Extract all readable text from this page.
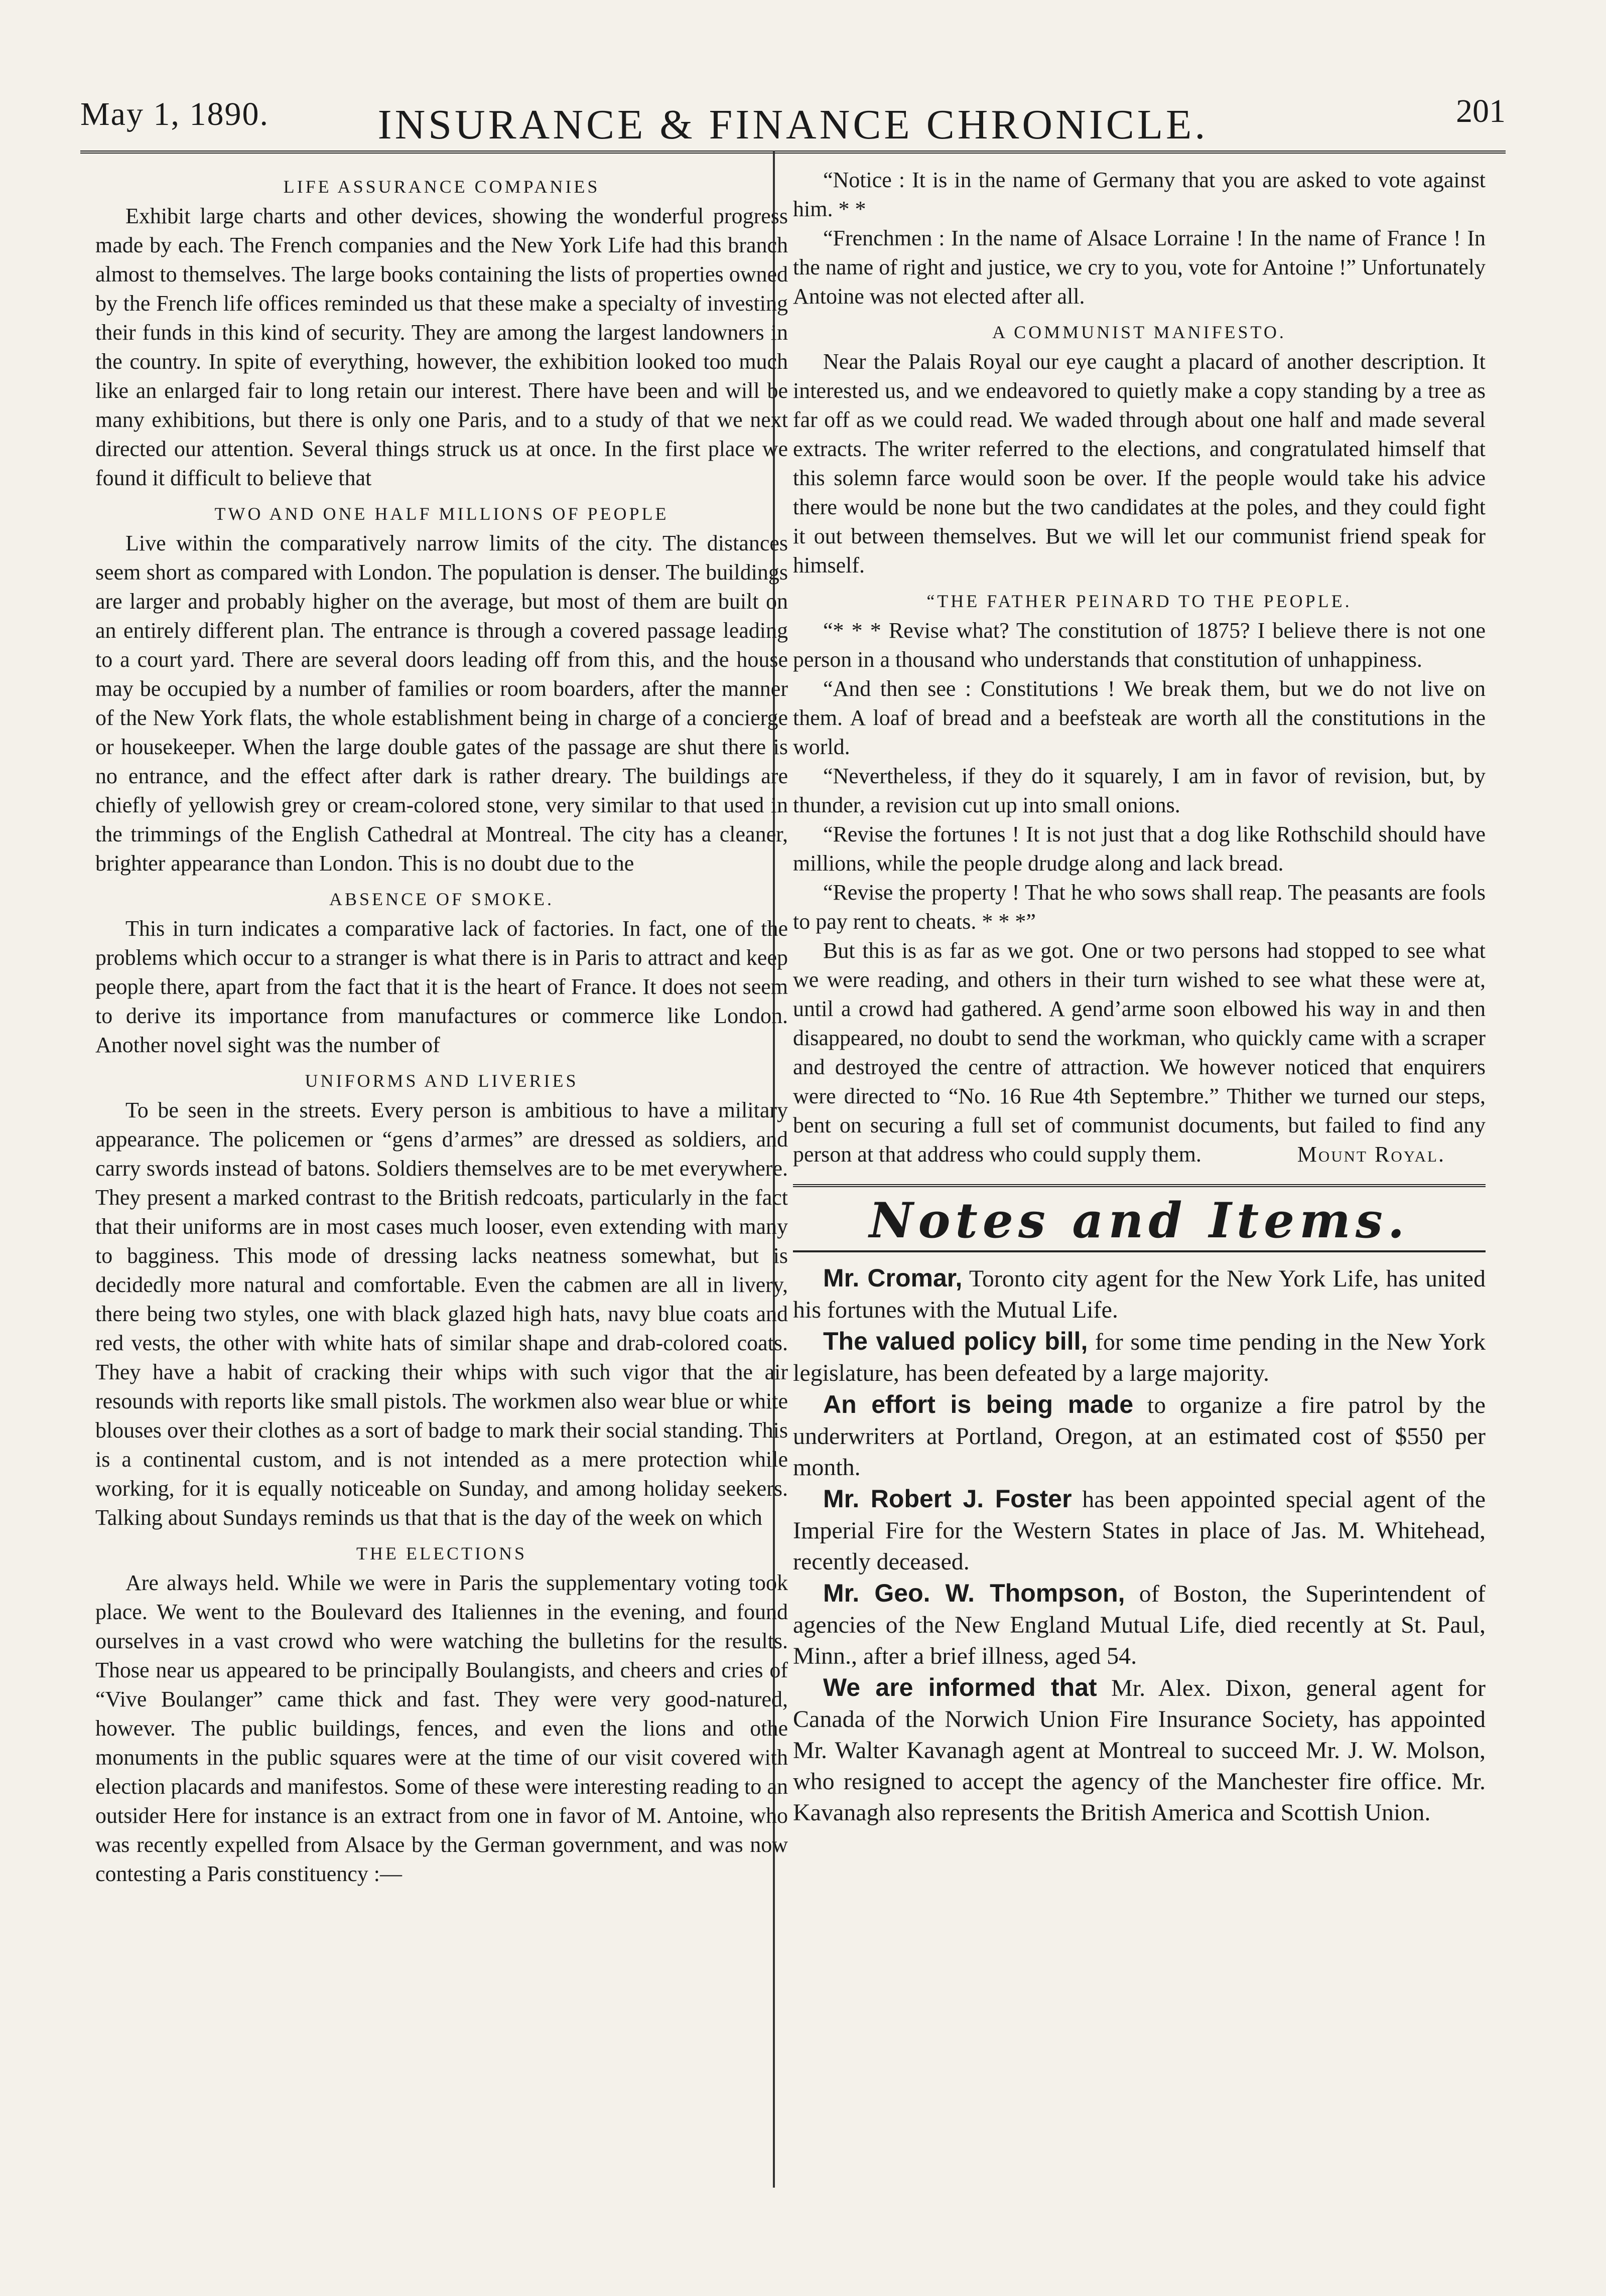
May 1, 1890.	INSURANCE & FINANCE CHRONICLE.	201
LIFE ASSURANCE COMPANIES

Exhibit large charts and other devices, showing the wonderful progress made by each. The French companies and the New York Life had this branch almost to themselves. The large books containing the lists of properties owned by the French life offices reminded us that these make a specialty of investing their funds in this kind of security. They are among the largest landowners in the country. In spite of everything, however, the exhibition looked too much like an enlarged fair to long retain our interest. There have been and will be many exhibitions, but there is only one Paris, and to a study of that we next directed our attention. Several things struck us at once. In the first place we found it difficult to believe that

TWO AND ONE HALF MILLIONS OF PEOPLE

Live within the comparatively narrow limits of the city. The distances seem short as compared with London. The population is denser. The buildings are larger and probably higher on the average, but most of them are built on an entirely different plan. The entrance is through a covered passage leading to a court yard. There are several doors leading off from this, and the house may be occupied by a number of families or room boarders, after the manner of the New York flats, the whole establishment being in charge of a concierge or housekeeper. When the large double gates of the passage are shut there is no entrance, and the effect after dark is rather dreary. The buildings are chiefly of yellowish grey or cream-colored stone, very similar to that used in the trimmings of the English Cathedral at Montreal. The city has a cleaner, brighter appearance than London. This is no doubt due to the

ABSENCE OF SMOKE.

This in turn indicates a comparative lack of factories. In fact, one of the problems which occur to a stranger is what there is in Paris to attract and keep people there, apart from the fact that it is the heart of France. It does not seem to derive its importance from manufactures or commerce like London. Another novel sight was the number of

UNIFORMS AND LIVERIES

To be seen in the streets. Every person is ambitious to have a military appearance. The policemen or “gens d’armes” are dressed as soldiers, and carry swords instead of batons. Soldiers themselves are to be met everywhere. They present a marked contrast to the British redcoats, particularly in the fact that their uniforms are in most cases much looser, even extending with many to bagginess. This mode of dressing lacks neatness somewhat, but is decidedly more natural and comfortable. Even the cabmen are all in livery, there being two styles, one with black glazed high hats, navy blue coats and red vests, the other with white hats of similar shape and drab-colored coats. They have a habit of cracking their whips with such vigor that the air resounds with reports like small pistols. The workmen also wear blue or white blouses over their clothes as a sort of badge to mark their social standing. This is a continental custom, and is not intended as a mere protection while working, for it is equally noticeable on Sunday, and among holiday seekers. Talking about Sundays reminds us that that is the day of the week on which

THE ELECTIONS

Are always held. While we were in Paris the supplementary voting took place. We went to the Boulevard des Italiennes in the evening, and found ourselves in a vast crowd who were watching the bulletins for the results. Those near us appeared to be principally Boulangists, and cheers and cries of “Vive Boulanger” came thick and fast. They were very good-natured, however. The public buildings, fences, and even the lions and othe monuments in the public squares were at the time of our visit covered with election placards and manifestos. Some of these were interesting reading to an outsider Here for instance is an extract from one in favor of M. Antoine, who was recently expelled from Alsace by the German government, and was now contesting a Paris constituency :—

“Notice : It is in the name of Germany that you are asked to vote against him. * *

“Frenchmen : In the name of Alsace Lorraine ! In the name of France ! In the name of right and justice, we cry to you, vote for Antoine !” Unfortunately Antoine was not elected after all.

A COMMUNIST MANIFESTO.

Near the Palais Royal our eye caught a placard of another description. It interested us, and we endeavored to quietly make a copy standing by a tree as far off as we could read. We waded through about one half and made several extracts. The writer referred to the elections, and congratulated himself that this solemn farce would soon be over. If the people would take his advice there would be none but the two candidates at the poles, and they could fight it out between themselves. But we will let our communist friend speak for himself.

“THE FATHER PEINARD TO THE PEOPLE.

“* * * Revise what? The constitution of 1875? I believe there is not one person in a thousand who understands that constitution of unhappiness.

“And then see : Constitutions ! We break them, but we do not live on them. A loaf of bread and a beefsteak are worth all the constitutions in the world.

“Nevertheless, if they do it squarely, I am in favor of revision, but, by thunder, a revision cut up into small onions.

“Revise the fortunes ! It is not just that a dog like Rothschild should have millions, while the people drudge along and lack bread.

“Revise the property ! That he who sows shall reap. The peasants are fools to pay rent to cheats. * * *”

But this is as far as we got. One or two persons had stopped to see what we were reading, and others in their turn wished to see what these were at, until a crowd had gathered. A gend’arme soon elbowed his way in and then disappeared, no doubt to send the workman, who quickly came with a scraper and destroyed the centre of attraction. We however noticed that enquirers were directed to “No. 16 Rue 4th Septembre.” Thither we turned our steps, bent on securing a full set of communist documents, but failed to find any person at that address who could supply them.	Mount Royal.
Notes and Items.

Mr. Cromar, Toronto city agent for the New York Life, has united his fortunes with the Mutual Life.

The valued policy bill, for some time pending in the New York legislature, has been defeated by a large majority.

An effort is being made to organize a fire patrol by the underwriters at Portland, Oregon, at an estimated cost of $550 per month.

Mr. Robert J. Foster has been appointed special agent of the Imperial Fire for the Western States in place of Jas. M. Whitehead, recently deceased.

Mr. Geo. W. Thompson, of Boston, the Superintendent of agencies of the New England Mutual Life, died recently at St. Paul, Minn., after a brief illness, aged 54.

We are informed that Mr. Alex. Dixon, general agent for Canada of the Norwich Union Fire Insurance Society, has appointed Mr. Walter Kavanagh agent at Montreal to succeed Mr. J. W. Molson, who resigned to accept the agency of the Manchester fire office. Mr. Kavanagh also represents the British America and Scottish Union.
